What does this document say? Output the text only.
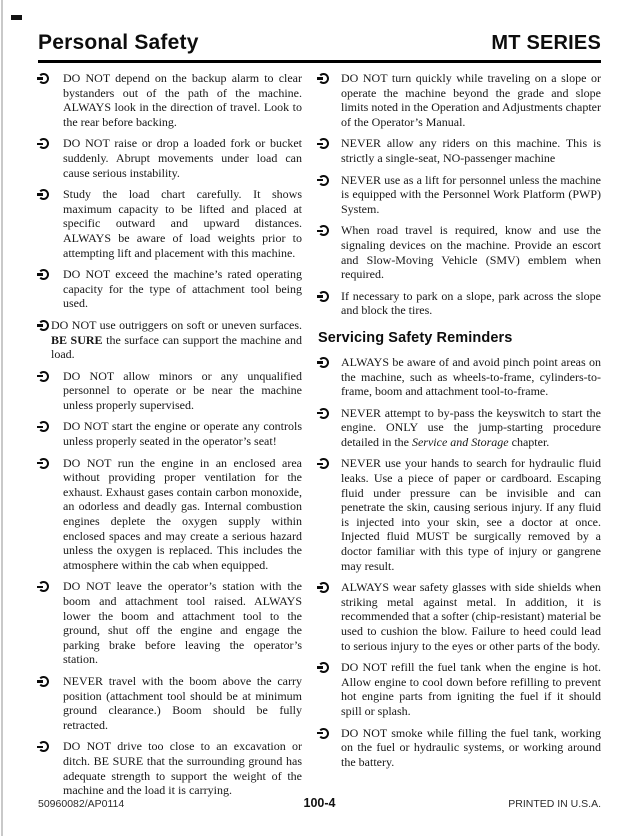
Personal Safety	MT SERIES

DO NOT depend on the backup alarm to clear bystanders out of the path of the machine. ALWAYS look in the direction of travel. Look to the rear before backing.

DO NOT raise or drop a loaded fork or bucket suddenly. Abrupt movements under load can cause serious instability.

Study the load chart carefully. It shows maximum capacity to be lifted and placed at specific outward and upward distances. ALWAYS be aware of load weights prior to attempting lift and placement with this machine.

DO NOT exceed the machine’s rated operating capacity for the type of attachment tool being used.

DO NOT use outriggers on soft or uneven surfaces. BE SURE the surface can support the machine and load.

DO NOT allow minors or any unqualified personnel to operate or be near the machine unless properly supervised.

DO NOT start the engine or operate any controls unless properly seated in the operator’s seat!

DO NOT run the engine in an enclosed area without providing proper ventilation for the exhaust. Exhaust gases contain carbon monoxide, an odorless and deadly gas. Internal combustion engines deplete the oxygen supply within enclosed spaces and may create a serious hazard unless the oxygen is replaced. This includes the atmosphere within the cab when equipped.

DO NOT leave the operator’s station with the boom and attachment tool raised. ALWAYS lower the boom and attachment tool to the ground, shut off the engine and engage the parking brake before leaving the operator’s station.

NEVER travel with the boom above the carry position (attachment tool should be at minimum ground clearance.) Boom should be fully retracted.

DO NOT drive too close to an excavation or ditch. BE SURE that the surrounding ground has adequate strength to support the weight of the machine and the load it is carrying.

DO NOT turn quickly while traveling on a slope or operate the machine beyond the grade and slope limits noted in the Operation and Adjustments chapter of the Operator’s Manual.

NEVER allow any riders on this machine. This is strictly a single-seat, NO-passenger machine

NEVER use as a lift for personnel unless the machine is equipped with the Personnel Work Platform (PWP) System.

When road travel is required, know and use the signaling devices on the machine. Provide an escort and Slow-Moving Vehicle (SMV) emblem when required.

If necessary to park on a slope, park across the slope and block the tires.

Servicing Safety Reminders

ALWAYS be aware of and avoid pinch point areas on the machine, such as wheels-to-frame, cylinders-to-frame, boom and attachment tool-to-frame.

NEVER attempt to by-pass the keyswitch to start the engine. ONLY use the jump-starting procedure detailed in the Service and Storage chapter.

NEVER use your hands to search for hydraulic fluid leaks. Use a piece of paper or cardboard. Escaping fluid under pressure can be invisible and can penetrate the skin, causing serious injury. If any fluid is injected into your skin, see a doctor at once. Injected fluid MUST be surgically removed by a doctor familiar with this type of injury or gangrene may result.

ALWAYS wear safety glasses with side shields when striking metal against metal. In addition, it is recommended that a softer (chip-resistant) material be used to cushion the blow. Failure to heed could lead to serious injury to the eyes or other parts of the body.

DO NOT refill the fuel tank when the engine is hot. Allow engine to cool down before refilling to prevent hot engine parts from igniting the fuel if it should spill or splash.

DO NOT smoke while filling the fuel tank, working on the fuel or hydraulic systems, or working around the battery.

50960082/AP0114	100-4	PRINTED IN U.S.A.
